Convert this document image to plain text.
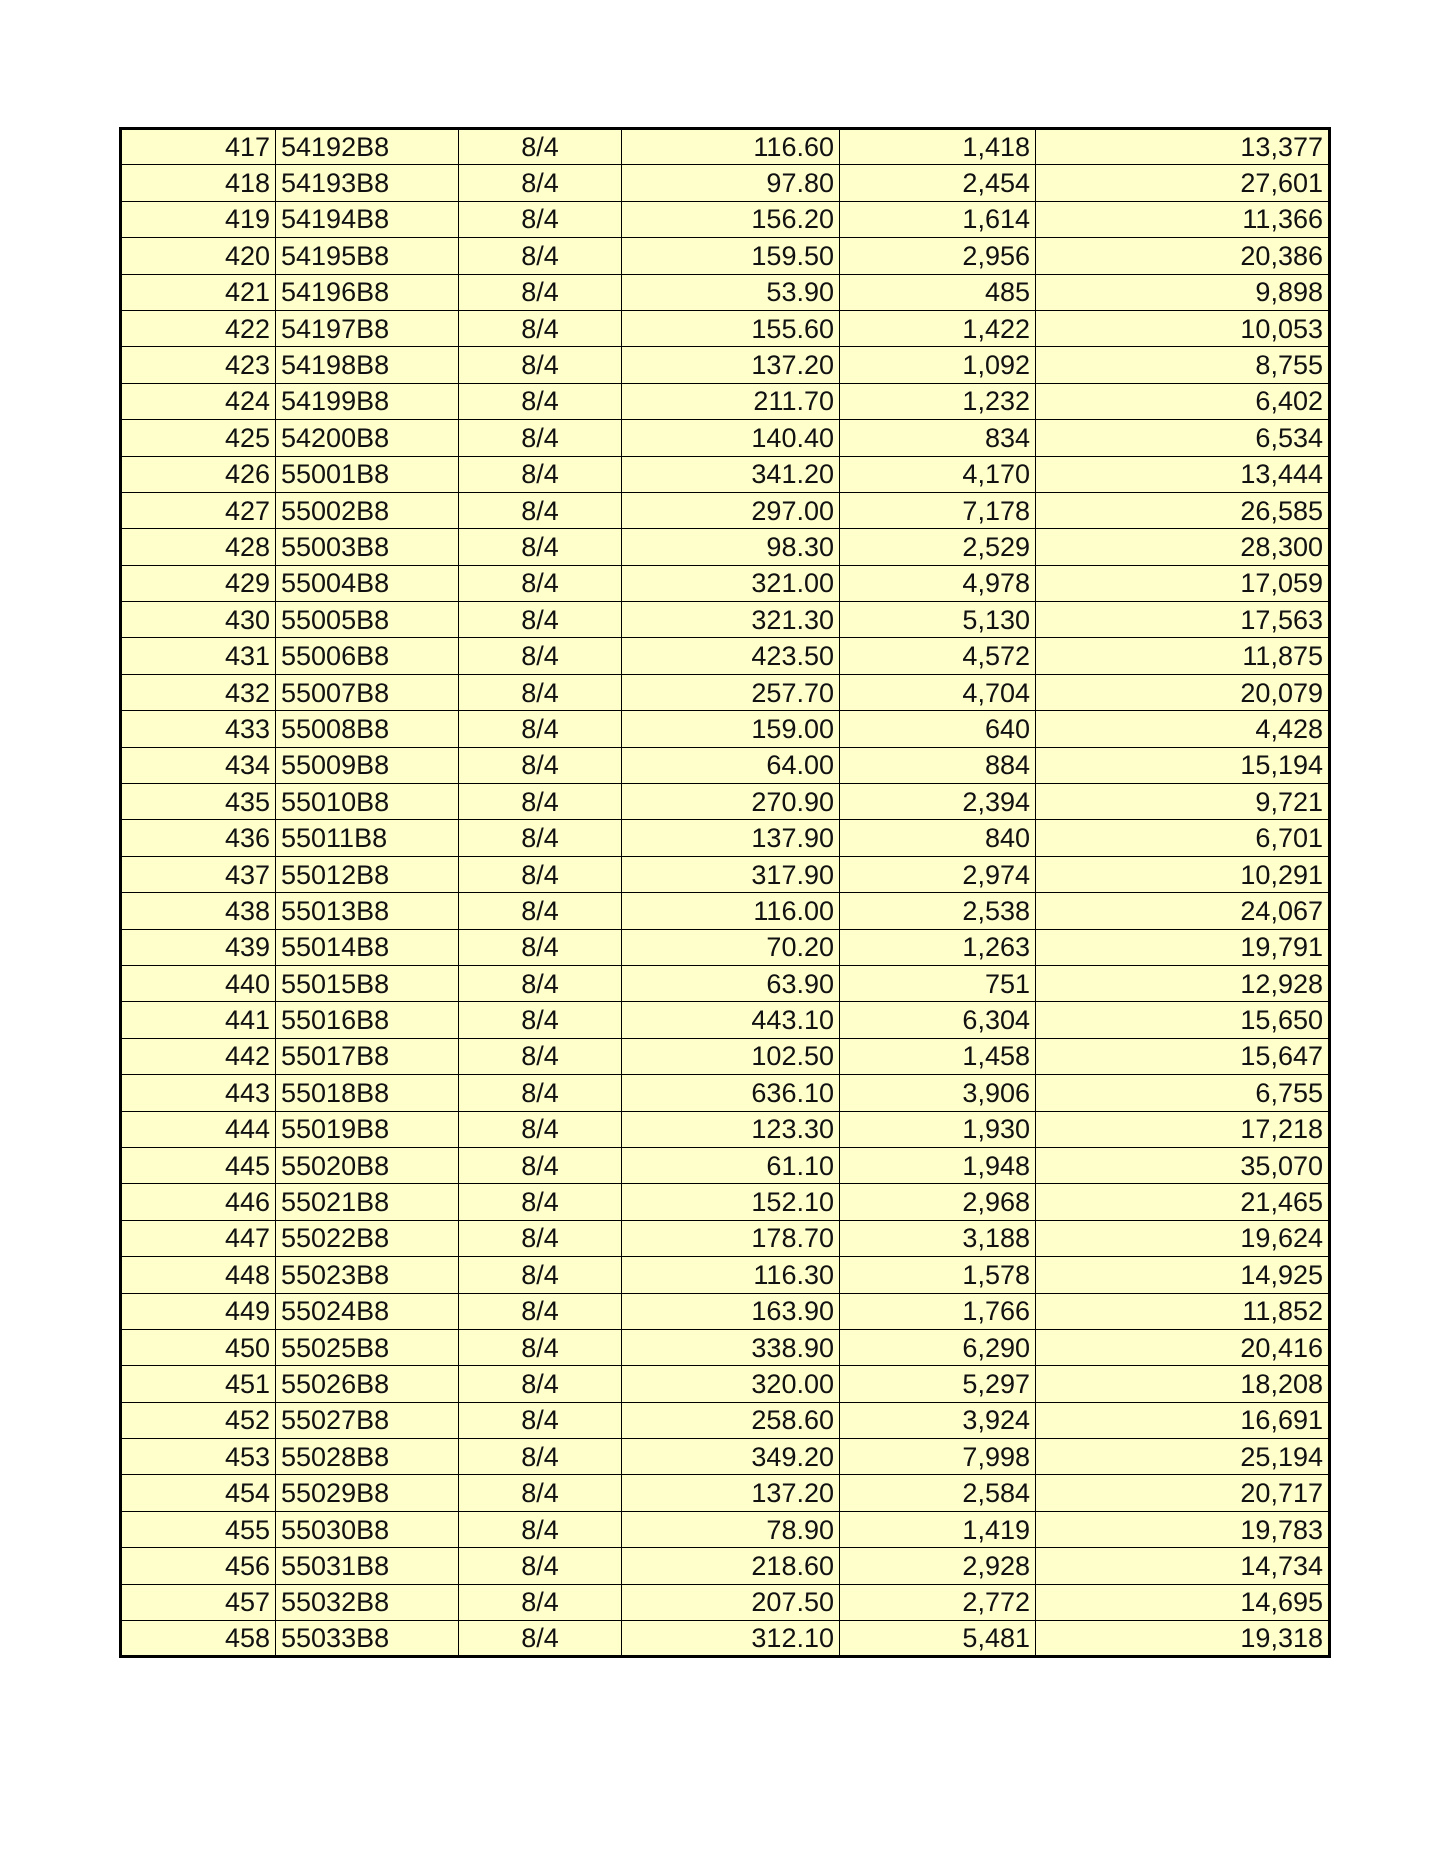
417	54192B8	8/4	116.60	1,418	13,377
418	54193B8	8/4	97.80	2,454	27,601
419	54194B8	8/4	156.20	1,614	11,366
420	54195B8	8/4	159.50	2,956	20,386
421	54196B8	8/4	53.90	485	9,898
422	54197B8	8/4	155.60	1,422	10,053
423	54198B8	8/4	137.20	1,092	8,755
424	54199B8	8/4	211.70	1,232	6,402
425	54200B8	8/4	140.40	834	6,534
426	55001B8	8/4	341.20	4,170	13,444
427	55002B8	8/4	297.00	7,178	26,585
428	55003B8	8/4	98.30	2,529	28,300
429	55004B8	8/4	321.00	4,978	17,059
430	55005B8	8/4	321.30	5,130	17,563
431	55006B8	8/4	423.50	4,572	11,875
432	55007B8	8/4	257.70	4,704	20,079
433	55008B8	8/4	159.00	640	4,428
434	55009B8	8/4	64.00	884	15,194
435	55010B8	8/4	270.90	2,394	9,721
436	55011B8	8/4	137.90	840	6,701
437	55012B8	8/4	317.90	2,974	10,291
438	55013B8	8/4	116.00	2,538	24,067
439	55014B8	8/4	70.20	1,263	19,791
440	55015B8	8/4	63.90	751	12,928
441	55016B8	8/4	443.10	6,304	15,650
442	55017B8	8/4	102.50	1,458	15,647
443	55018B8	8/4	636.10	3,906	6,755
444	55019B8	8/4	123.30	1,930	17,218
445	55020B8	8/4	61.10	1,948	35,070
446	55021B8	8/4	152.10	2,968	21,465
447	55022B8	8/4	178.70	3,188	19,624
448	55023B8	8/4	116.30	1,578	14,925
449	55024B8	8/4	163.90	1,766	11,852
450	55025B8	8/4	338.90	6,290	20,416
451	55026B8	8/4	320.00	5,297	18,208
452	55027B8	8/4	258.60	3,924	16,691
453	55028B8	8/4	349.20	7,998	25,194
454	55029B8	8/4	137.20	2,584	20,717
455	55030B8	8/4	78.90	1,419	19,783
456	55031B8	8/4	218.60	2,928	14,734
457	55032B8	8/4	207.50	2,772	14,695
458	55033B8	8/4	312.10	5,481	19,318
